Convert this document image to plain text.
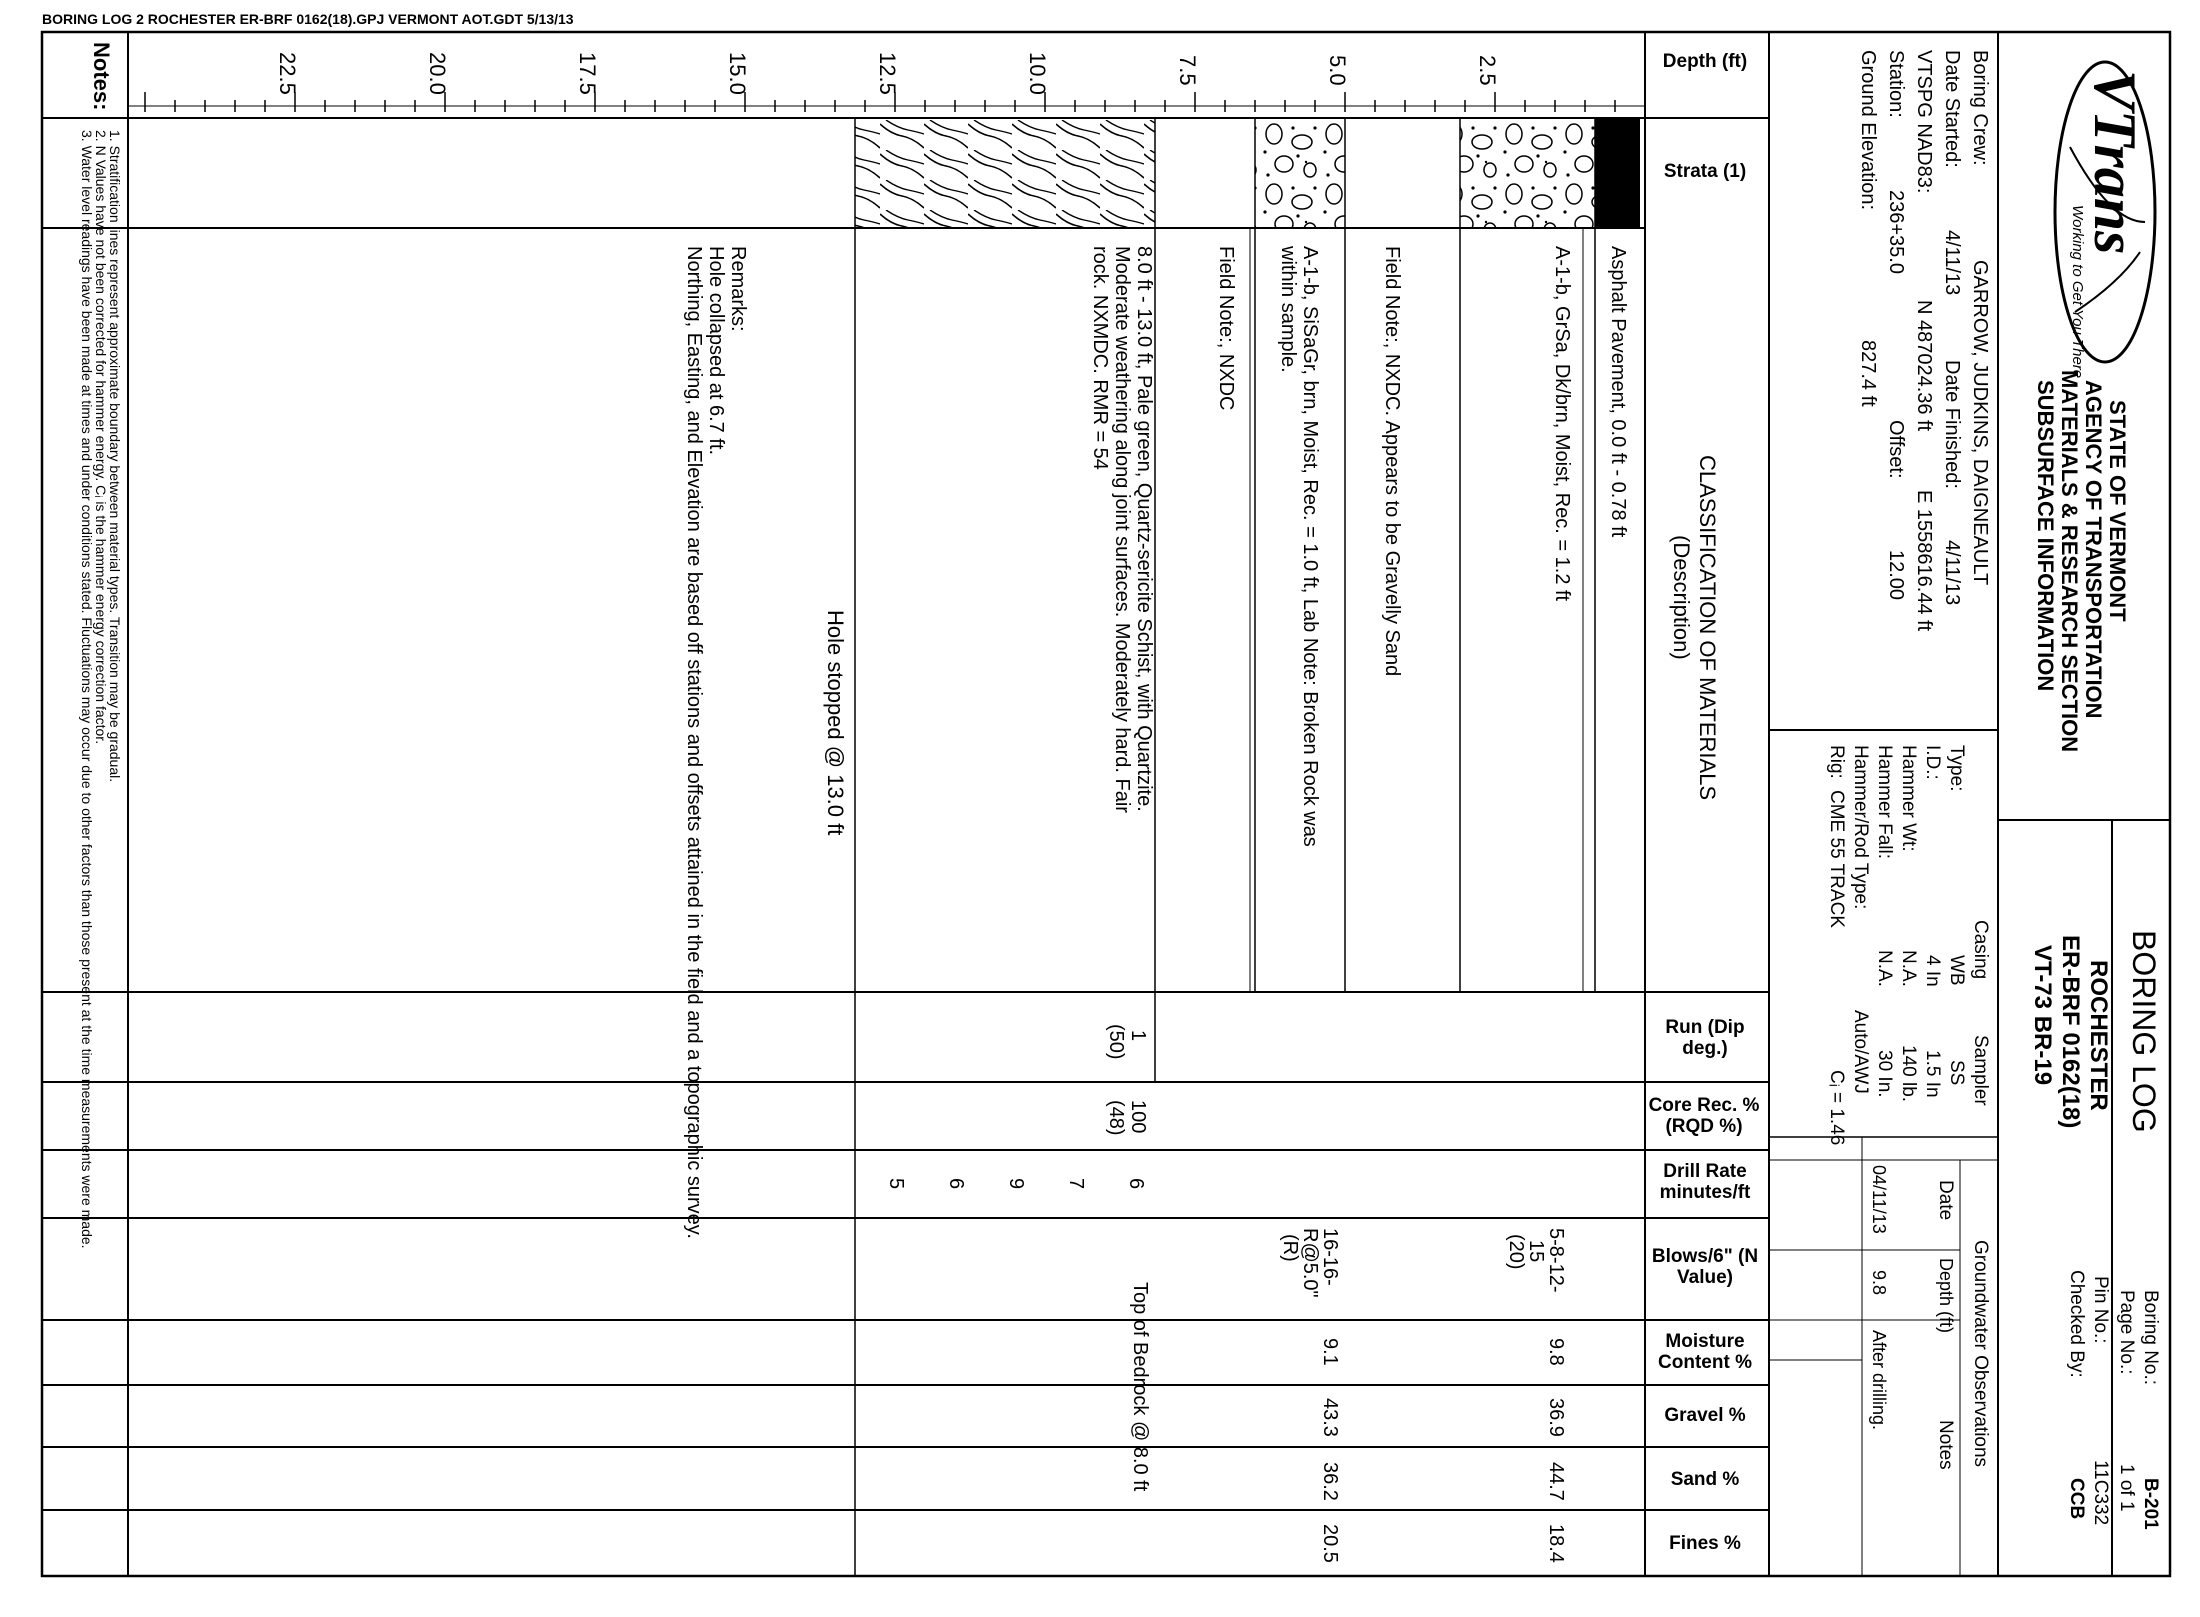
BORING LOG 2 ROCHESTER ER-BRF 0162(18).GPJ VERMONT AOT.GDT 5/13/13
VTrans
Working to Get You There
STATE OF VERMONT
AGENCY OF TRANSPORTATION
MATERIALS & RESEARCH SECTION
SUBSURFACE INFORMATION
BORING LOG
ROCHESTER
ER-BRF 0162(18)
VT-73 BR-19
Boring No.:
B-201
Page No.:
1 of 1
Pin No.:
11C332
Checked By:
CCB
Groundwater Observations
Date
Depth (ft)
Notes
04/11/13
9.8
After drilling.
Boring Crew:
GARROW, JUDKINS, DAIGNEAULT
Date Started:
4/11/13
Date Finished:
4/11/13
VTSPG NAD83:
N 487024.36 ft
E 1558616.44 ft
Station:
236+35.0
Offset:
12.00
Ground Elevation:
827.4 ft
Casing
Sampler
Type:
WB
SS
I.D.:
4 In
1.5 In
Hammer Wt:
N.A.
140 lb.
Hammer Fall:
N.A.
30 In.
Hammer/Rod Type:
Auto/AWJ
Rig:
CME 55 TRACK
Cᵢ = 1.46
Depth (ft)
Strata (1)
Run (Dip deg.)
Core Rec. % (RQD %)
Drill Rate minutes/ft
Blows/6" (N Value)
Moisture Content %
Gravel %
Sand %
Fines %
CLASSIFICATION OF MATERIALS
(Description)
2.5
5.0
7.5
10.0
12.5
15.0
17.5
20.0
22.5
Asphalt Pavement, 0.0 ft - 0.78 ft
A-1-b, GrSa, Dk/brn, Moist, Rec. = 1.2 ft
Field Note:, NXDC. Appears to be Gravelly Sand
A-1-b, SiSaGr, brn, Moist, Rec. = 1.0 ft, Lab Note: Broken Rock was
within sample.
Field Note:, NXDC
8.0 ft - 13.0 ft, Pale green, Quartz-sericite Schist, with Quartzite.
Moderate weathering along joint surfaces. Moderately hard. Fair
rock. NXMDC. RMR = 54
Hole stopped @ 13.0 ft
Remarks:
Hole collapsed at 6.7 ft.
Northing, Easting, and Elevation are based off stations and offsets attained in the field and a topographic survey.	1
(50)
100
(48)
6
7
9
6
5
5-8-12-
15
(20)
9.8
36.9
44.7
18.4
16-16-
R@5.0"
(R)
9.1
43.3
36.2
20.5
Top of Bedrock @ 8.0 ft
Notes:
1. Stratification lines represent approximate boundary between material types. Transition may be gradual.
2. N Values have not been corrected for hammer energy. Cᵢ is the hammer energy correction factor.
3. Water level readings have been made at times and under conditions stated. Fluctuations may occur due to other factors than those present at the time measurements were made.
